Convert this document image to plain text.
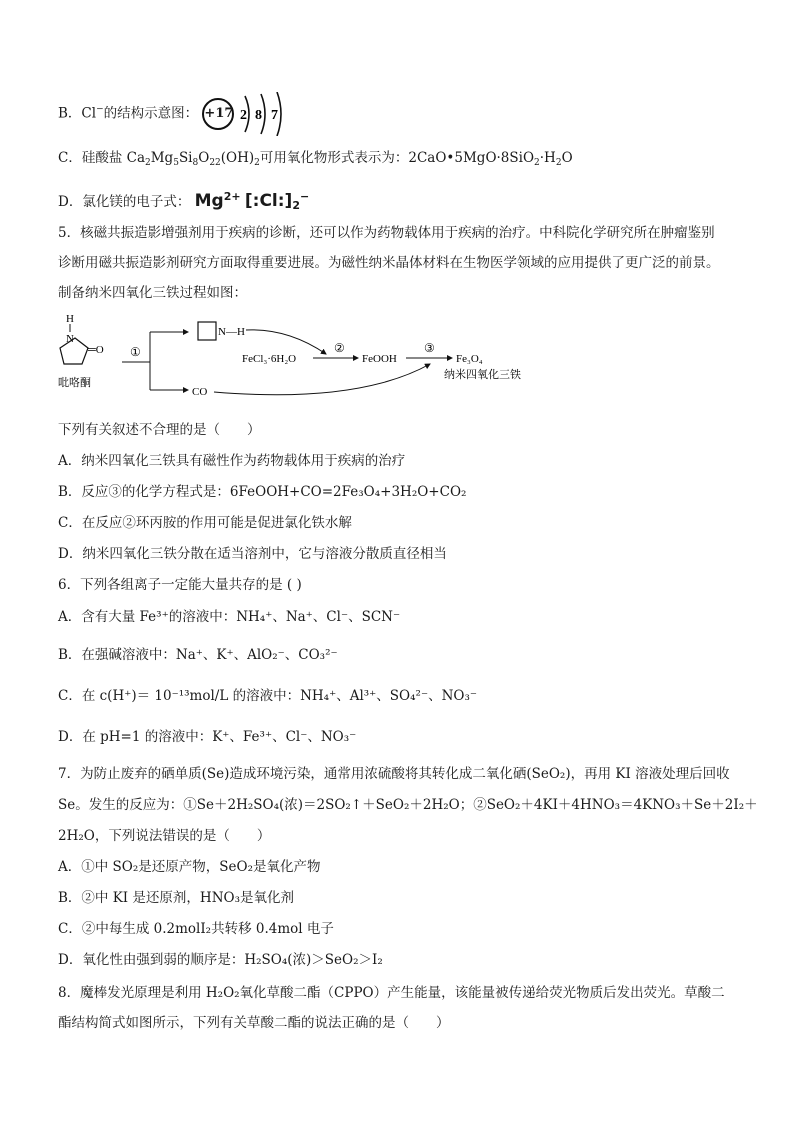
B．Cl−的结构示意图： +17 2 8 7
C．硅酸盐 $Ca_2Mg_5Si_8O_{22}(OH)_2$可用氧化物形式表示为：$2CaO•5MgO\cdot 8SiO_2\cdot H_2O$
D．氯化镁的电子式： $Mg^{2+}$ $[:Cl:]_2^-$
5．核磁共振造影增强剂用于疾病的诊断，还可以作为药物载体用于疾病的治疗。中科院化学研究所在肿瘤鉴别
诊断用磁共振造影剂研究方面取得重要进展。为磁性纳米晶体材料在生物医学领域的应用提供了更广泛的前景。
制备纳米四氧化三铁过程如图：
H
N
═O
吡咯酮
①
N—H
FeCl₃·6H₂O
②
FeOOH
③
Fe₃O₄
纳米四氧化三铁
CO
下列有关叙述不合理的是（　　）
A．纳米四氧化三铁具有磁性作为药物载体用于疾病的治疗
B．反应③的化学方程式是：6FeOOH+CO=2Fe₃O₄+3H₂O+CO₂
C．在反应②环丙胺的作用可能是促进氯化铁水解
D．纳米四氧化三铁分散在适当溶剂中，它与溶液分散质直径相当
6．下列各组离子一定能大量共存的是 ( )
A．含有大量 Fe³⁺的溶液中：NH₄⁺、Na⁺、Cl⁻、SCN⁻
B．在强碱溶液中：Na⁺、K⁺、AlO₂⁻、CO₃²⁻
C．在 c(H⁺)＝ 10⁻¹³mol/L 的溶液中：NH₄⁺、Al³⁺、SO₄²⁻、NO₃⁻
D．在 pH=1 的溶液中：K⁺、Fe³⁺、Cl⁻、NO₃⁻
7．为防止废弃的硒单质(Se)造成环境污染，通常用浓硫酸将其转化成二氧化硒(SeO₂)，再用 KI 溶液处理后回收
Se。发生的反应为：①Se＋2H₂SO₄(浓)＝2SO₂↑＋SeO₂＋2H₂O；②SeO₂＋4KI＋4HNO₃＝4KNO₃＋Se＋2I₂＋
2H₂O，下列说法错误的是（　　）
A．①中 SO₂是还原产物，SeO₂是氧化产物
B．②中 KI 是还原剂，HNO₃是氧化剂
C．②中每生成 0.2molI₂共转移 0.4mol 电子
D．氧化性由强到弱的顺序是：H₂SO₄(浓)＞SeO₂＞I₂
8．魔棒发光原理是利用 H₂O₂氧化草酸二酯（CPPO）产生能量，该能量被传递给荧光物质后发出荧光。草酸二
酯结构简式如图所示，下列有关草酸二酯的说法正确的是（　　）
